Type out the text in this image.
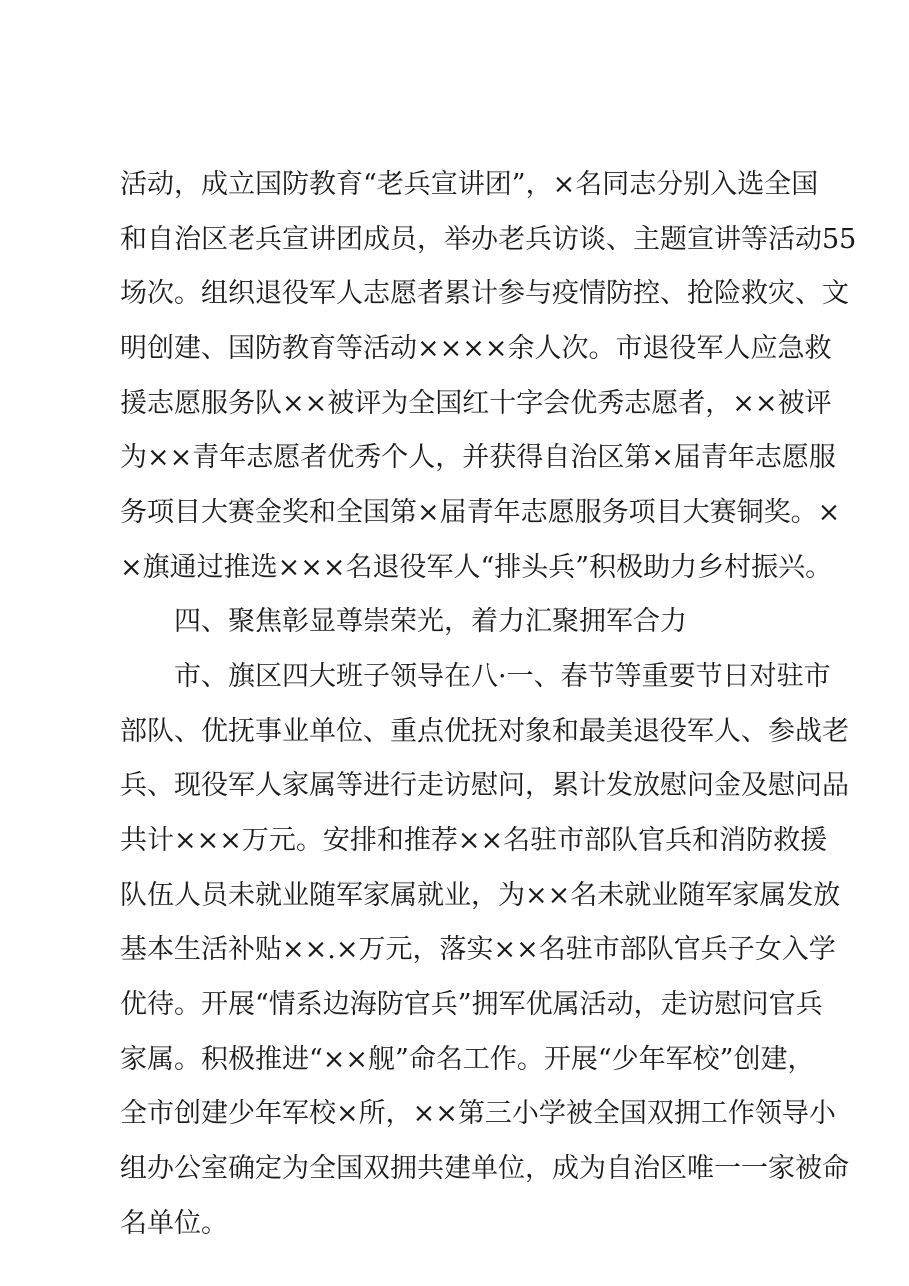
活动，成立国防教育“老兵宣讲团”，×名同志分别入选全国
和自治区老兵宣讲团成员，举办老兵访谈、主题宣讲等活动55
场次。组织退役军人志愿者累计参与疫情防控、抢险救灾、文
明创建、国防教育等活动××××余人次。市退役军人应急救
援志愿服务队××被评为全国红十字会优秀志愿者，××被评
为××青年志愿者优秀个人，并获得自治区第×届青年志愿服
务项目大赛金奖和全国第×届青年志愿服务项目大赛铜奖。×
×旗通过推选×××名退役军人“排头兵”积极助力乡村振兴。
四、聚焦彰显尊崇荣光，着力汇聚拥军合力
市、旗区四大班子领导在八·一、春节等重要节日对驻市
部队、优抚事业单位、重点优抚对象和最美退役军人、参战老
兵、现役军人家属等进行走访慰问，累计发放慰问金及慰问品
共计×××万元。安排和推荐××名驻市部队官兵和消防救援
队伍人员未就业随军家属就业，为××名未就业随军家属发放
基本生活补贴××.×万元，落实××名驻市部队官兵子女入学
优待。开展“情系边海防官兵”拥军优属活动，走访慰问官兵
家属。积极推进“××舰”命名工作。开展“少年军校”创建，
全市创建少年军校×所，××第三小学被全国双拥工作领导小
组办公室确定为全国双拥共建单位，成为自治区唯一一家被命
名单位。
